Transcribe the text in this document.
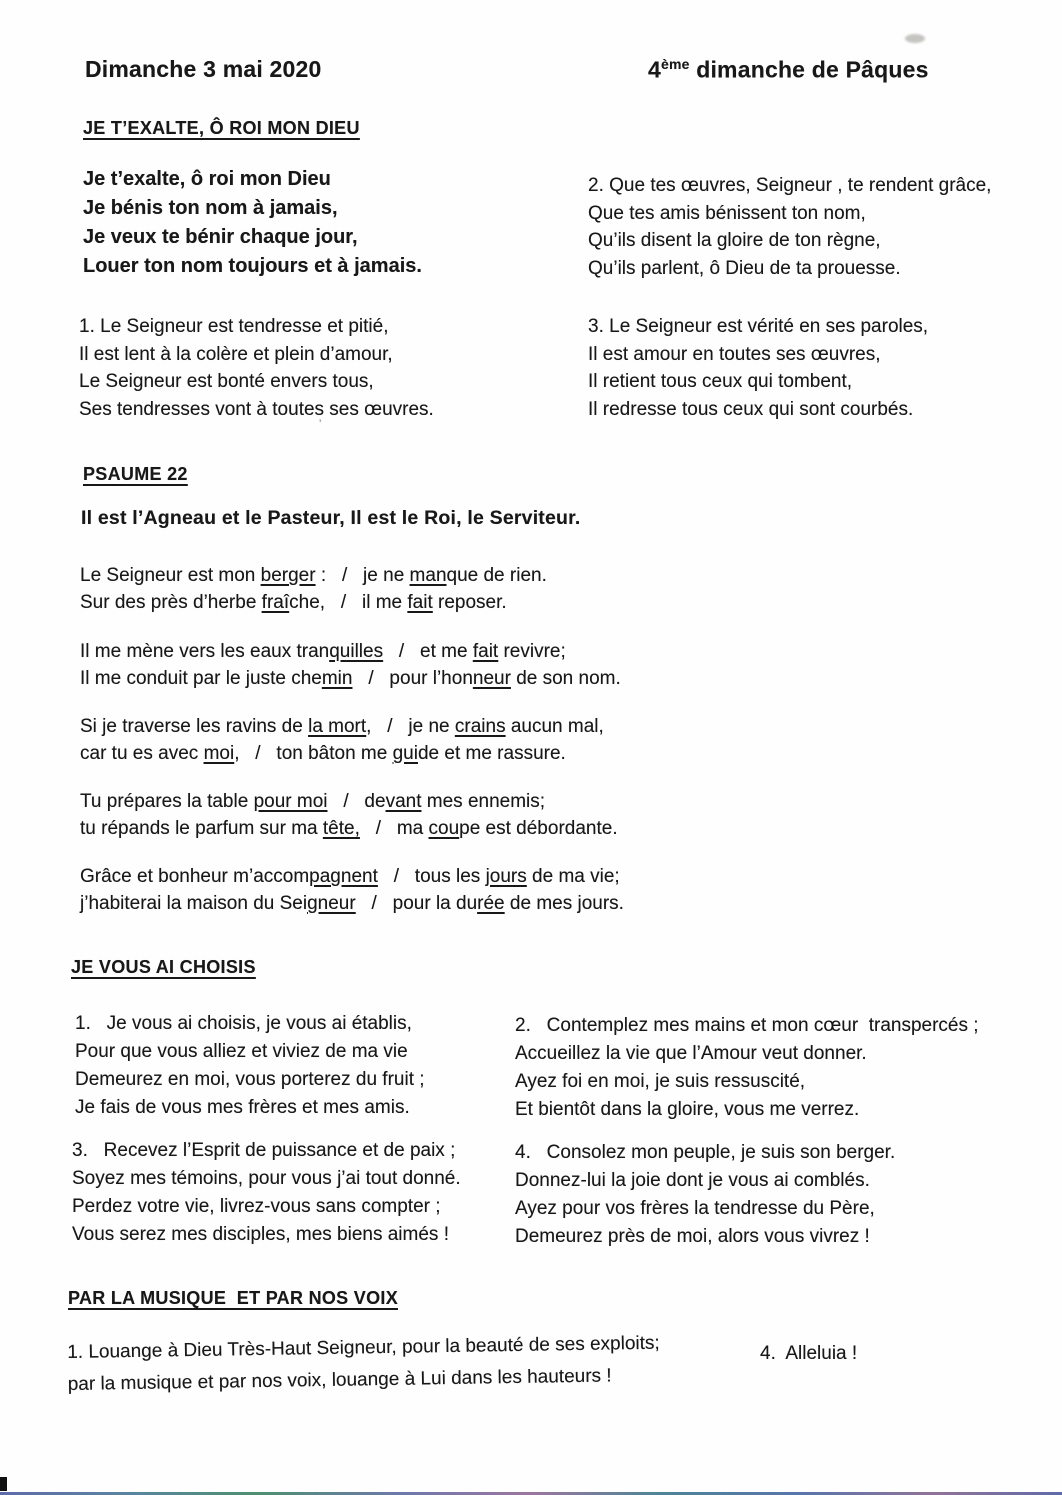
Dimanche 3 mai 2020	4ème dimanche de Pâques
JE T’EXALTE, Ô ROI MON DIEU
Je t’exalte, ô roi mon Dieu
Je bénis ton nom à jamais,
Je veux te bénir chaque jour,
Louer ton nom toujours et à jamais.
2. Que tes œuvres, Seigneur , te rendent grâce,
Que tes amis bénissent ton nom,
Qu’ils disent la gloire de ton règne,
Qu’ils parlent, ô Dieu de ta prouesse.
1. Le Seigneur est tendresse et pitié,
Il est lent à la colère et plein d’amour,
Le Seigneur est bonté envers tous,
Ses tendresses vont à toutes ses œuvres.
3. Le Seigneur est vérité en ses paroles,
Il est amour en toutes ses œuvres,
Il retient tous ceux qui tombent,
Il redresse tous ceux qui sont courbés.
PSAUME 22
Il est l’Agneau et le Pasteur, Il est le Roi, le Serviteur.
Le Seigneur est mon berger :   /   je ne manque de rien.
Sur des près d’herbe fraîche,   /   il me fait reposer.
Il me mène vers les eaux tranquilles   /   et me fait revivre;
Il me conduit par le juste chemin   /   pour l’honneur de son nom.
Si je traverse les ravins de la mort,   /   je ne crains aucun mal,
car tu es avec moi,   /   ton bâton me guide et me rassure.
Tu prépares la table pour moi   /   devant mes ennemis;
tu répands le parfum sur ma tête,   /   ma coupe est débordante.
Grâce et bonheur m’accompagnent   /   tous les jours de ma vie;
j’habiterai la maison du Seigneur   /   pour la durée de mes jours.
JE VOUS AI CHOISIS
1.   Je vous ai choisis, je vous ai établis,
Pour que vous alliez et viviez de ma vie
Demeurez en moi, vous porterez du fruit ;
Je fais de vous mes frères et mes amis.
2.   Contemplez mes mains et mon cœur  transpercés ;
Accueillez la vie que l’Amour veut donner.
Ayez foi en moi, je suis ressuscité,
Et bientôt dans la gloire, vous me verrez.
3.   Recevez l’Esprit de puissance et de paix ;
Soyez mes témoins, pour vous j’ai tout donné.
Perdez votre vie, livrez-vous sans compter ;
Vous serez mes disciples, mes biens aimés !
4.   Consolez mon peuple, je suis son berger.
Donnez-lui la joie dont je vous ai comblés.
Ayez pour vos frères la tendresse du Père,
Demeurez près de moi, alors vous vivrez !
PAR LA MUSIQUE  ET PAR NOS VOIX
1. Louange à Dieu Très-Haut Seigneur, pour la beauté de ses exploits;
par la musique et par nos voix, louange à Lui dans les hauteurs !
4.  Alleluia !
’
